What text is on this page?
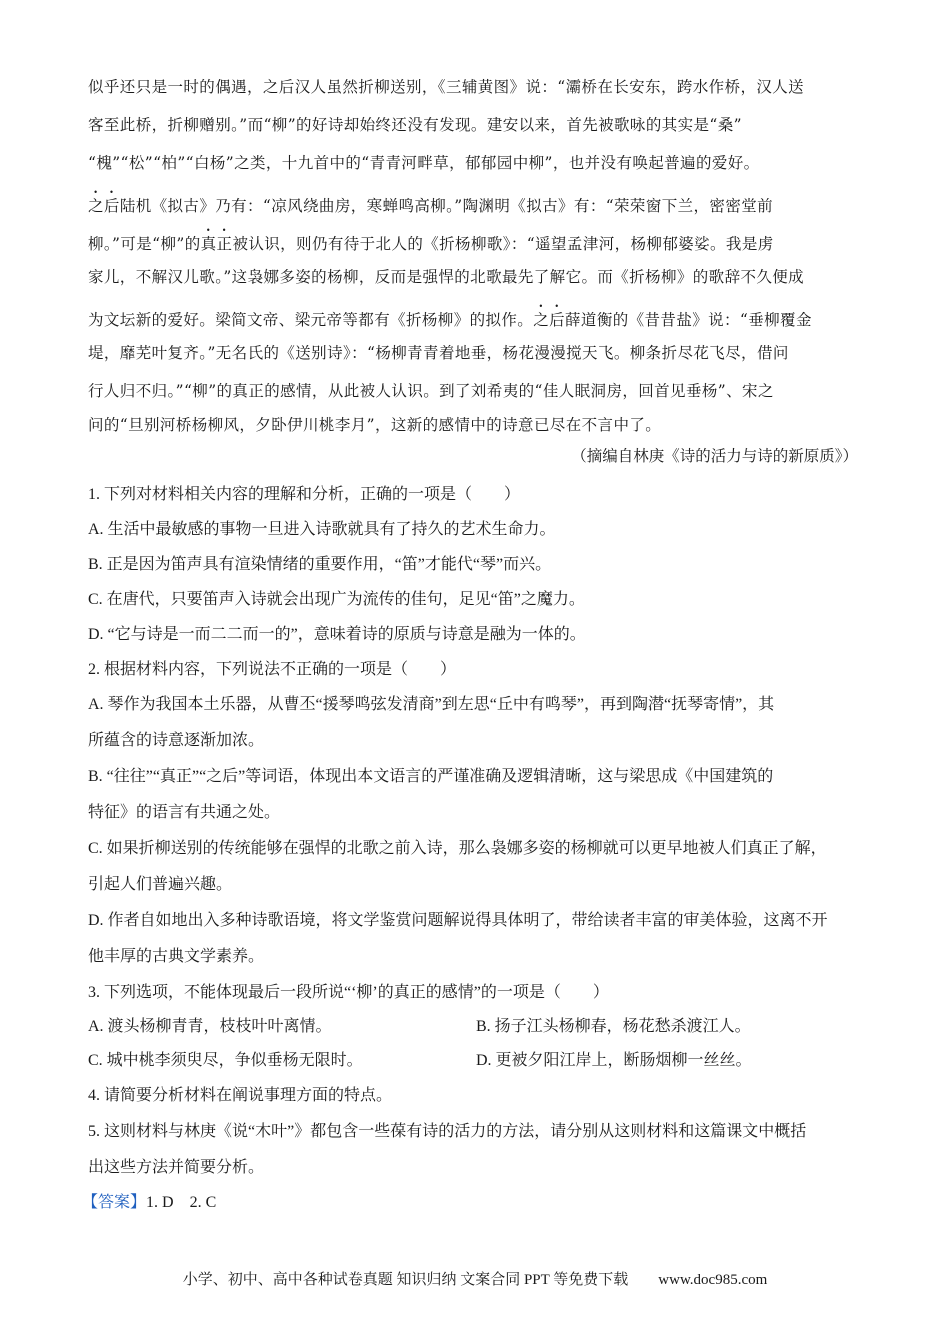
似乎还只是一时的偶遇，之后汉人虽然折柳送别，《三辅黄图》说：“灞桥在长安东，跨水作桥，汉人送
客至此桥，折柳赠别。”而“柳”的好诗却始终还没有发现。建安以来，首先被歌咏的其实是“桑”
“槐”“松”“柏”“白杨”之类，十九首中的“青青河畔草，郁郁园中柳”，也并没有唤起普遍的爱好。
之后陆机《拟古》乃有：“凉风绕曲房，寒蝉鸣高柳。”陶渊明《拟古》有：“荣荣窗下兰，密密堂前
柳。”可是“柳”的真正被认识，则仍有待于北人的《折杨柳歌》：“遥望孟津河，杨柳郁婆娑。我是虏
家儿，不解汉儿歌。”这袅娜多姿的杨柳，反而是强悍的北歌最先了解它。而《折杨柳》的歌辞不久便成
为文坛新的爱好。梁简文帝、梁元帝等都有《折杨柳》的拟作。之后薛道衡的《昔昔盐》说：“垂柳覆金
堤，靡芜叶复齐。”无名氏的《送别诗》：“杨柳青青着地垂，杨花漫漫搅天飞。柳条折尽花飞尽，借问
行人归不归。”“柳”的真正的感情，从此被人认识。到了刘希夷的“佳人眠洞房，回首见垂杨”、宋之
问的“旦别河桥杨柳风，夕卧伊川桃李月”，这新的感情中的诗意已尽在不言中了。
（摘编自林庚《诗的活力与诗的新原质》）
1. 下列对材料相关内容的理解和分析，正确的一项是（　　）
A. 生活中最敏感的事物一旦进入诗歌就具有了持久的艺术生命力。
B. 正是因为笛声具有渲染情绪的重要作用，“笛”才能代“琴”而兴。
C. 在唐代，只要笛声入诗就会出现广为流传的佳句，足见“笛”之魔力。
D. “它与诗是一而二二而一的”，意味着诗的原质与诗意是融为一体的。
2. 根据材料内容，下列说法不正确的一项是（　　）
A. 琴作为我国本土乐器，从曹丕“援琴鸣弦发清商”到左思“丘中有鸣琴”，再到陶潜“抚琴寄情”，其
所蕴含的诗意逐渐加浓。
B. “往往”“真正”“之后”等词语，体现出本文语言的严谨准确及逻辑清晰，这与梁思成《中国建筑的
特征》的语言有共通之处。
C. 如果折柳送别的传统能够在强悍的北歌之前入诗，那么袅娜多姿的杨柳就可以更早地被人们真正了解，
引起人们普遍兴趣。
D. 作者自如地出入多种诗歌语境，将文学鉴赏问题解说得具体明了，带给读者丰富的审美体验，这离不开
他丰厚的古典文学素养。
3. 下列选项，不能体现最后一段所说“‘柳’的真正的感情”的一项是（　　）
A. 渡头杨柳青青，枝枝叶叶离情。	B. 扬子江头杨柳春，杨花愁杀渡江人。
C. 城中桃李须臾尽，争似垂杨无限时。	D. 更被夕阳江岸上，断肠烟柳一丝丝。
4. 请简要分析材料在阐说事理方面的特点。
5. 这则材料与林庚《说“木叶”》都包含一些葆有诗的活力的方法，请分别从这则材料和这篇课文中概括
出这些方法并简要分析。
【答案】1. D　2. C
小学、初中、高中各种试卷真题 知识归纳 文案合同 PPT 等免费下载　　www.doc985.com
